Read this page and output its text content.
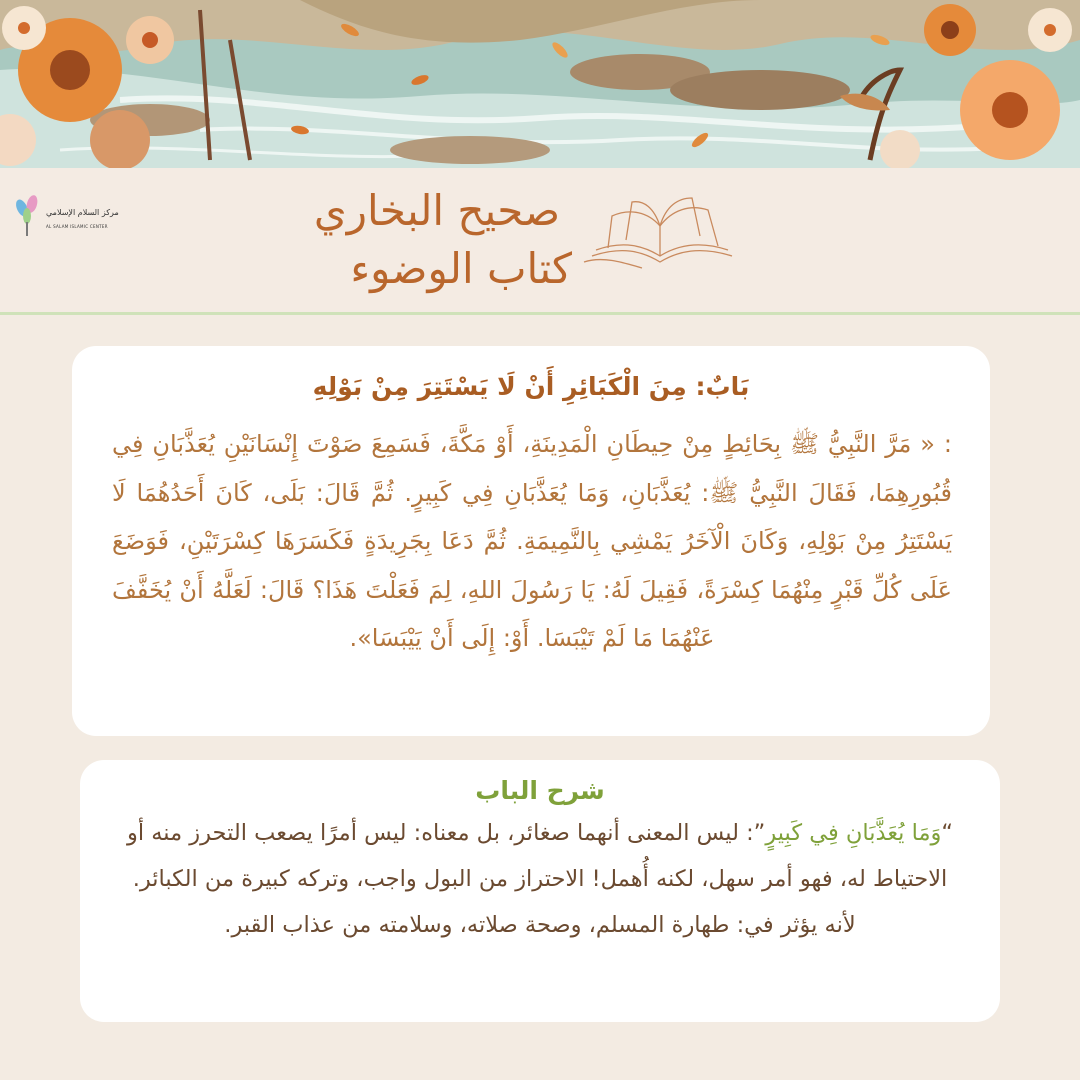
مركز السلام الإسلامي
AL SALAM ISLAMIC CENTER	صحيح البخاري
كتاب الوضوء
بَابٌ: مِنَ الْكَبَائِرِ أَنْ لَا يَسْتَتِرَ مِنْ بَوْلِهِ
: « مَرَّ النَّبِيُّ ﷺ بِحَائِطٍ مِنْ حِيطَانِ الْمَدِينَةِ، أَوْ مَكَّةَ، فَسَمِعَ صَوْتَ إِنْسَانَيْنِ يُعَذَّبَانِ فِي قُبُورِهِمَا، فَقَالَ النَّبِيُّ ﷺ: يُعَذَّبَانِ، وَمَا يُعَذَّبَانِ فِي كَبِيرٍ. ثُمَّ قَالَ: بَلَى، كَانَ أَحَدُهُمَا لَا يَسْتَتِرُ مِنْ بَوْلِهِ، وَكَانَ الْآخَرُ يَمْشِي بِالنَّمِيمَةِ. ثُمَّ دَعَا بِجَرِيدَةٍ فَكَسَرَهَا كِسْرَتَيْنِ، فَوَضَعَ عَلَى كُلِّ قَبْرٍ مِنْهُمَا كِسْرَةً، فَقِيلَ لَهُ: يَا رَسُولَ اللهِ، لِمَ فَعَلْتَ هَذَا؟ قَالَ: لَعَلَّهُ أَنْ يُخَفَّفَ عَنْهُمَا مَا لَمْ تَيْبَسَا. أَوْ: إِلَى أَنْ يَيْبَسَا».
شرح الباب
“وَمَا يُعَذَّبَانِ فِي كَبِيرٍ”: ليس المعنى أنهما صغائر، بل معناه: ليس أمرًا يصعب التحرز منه أو الاحتياط له، فهو أمر سهل، لكنه أُهمل! الاحتراز من البول واجب، وتركه كبيرة من الكبائر. لأنه يؤثر في: طهارة المسلم، وصحة صلاته، وسلامته من عذاب القبر.
